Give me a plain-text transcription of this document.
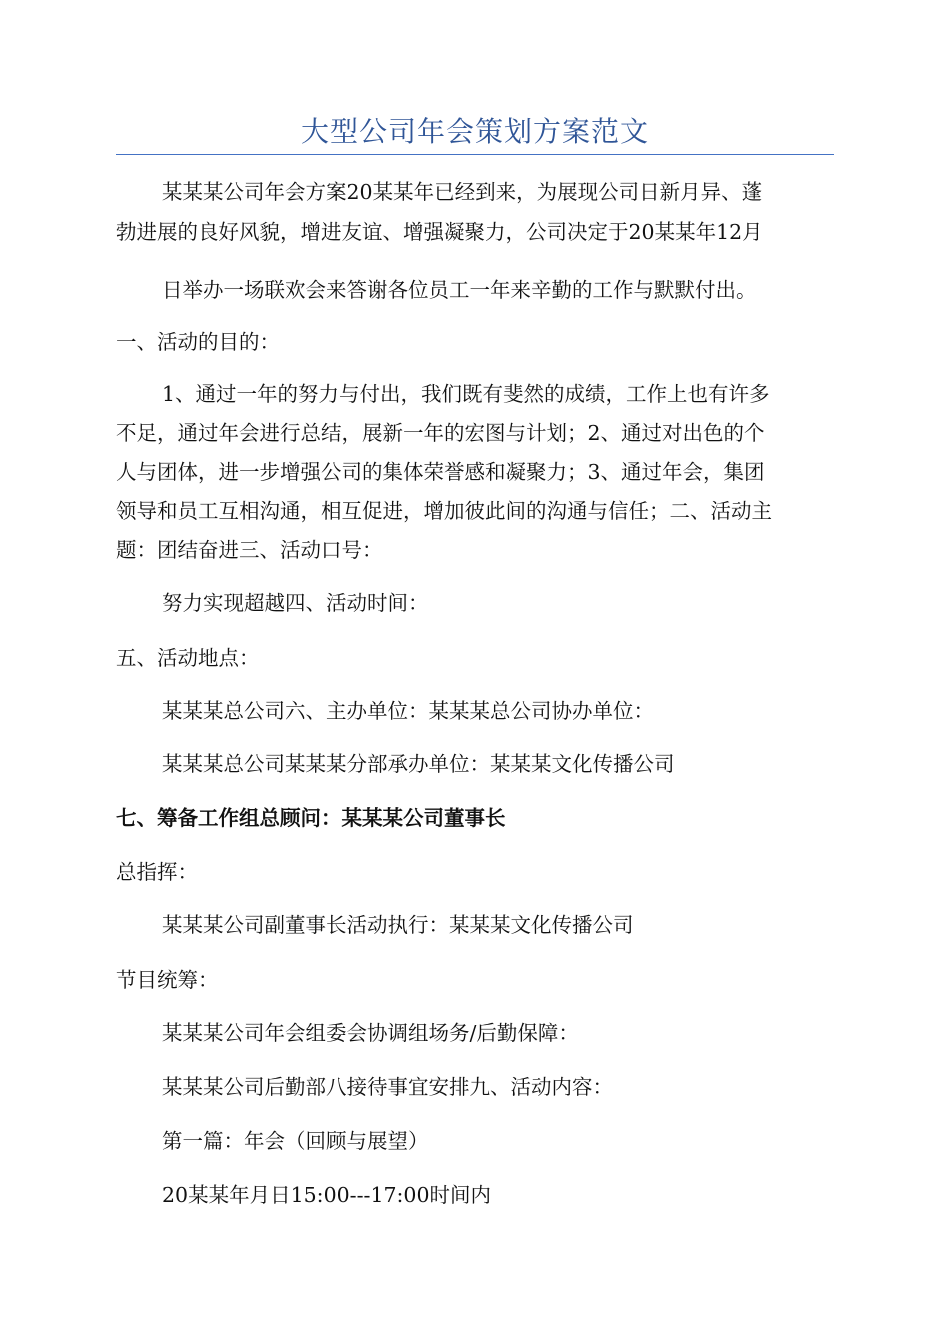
大型公司年会策划方案范文
某某某公司年会方案20某某年已经到来，为展现公司日新月异、蓬
勃进展的良好风貌，增进友谊、增强凝聚力，公司决定于20某某年12月
日举办一场联欢会来答谢各位员工一年来辛勤的工作与默默付出。
一、活动的目的：
1、通过一年的努力与付出，我们既有斐然的成绩，工作上也有许多
不足，通过年会进行总结，展新一年的宏图与计划；2、通过对出色的个
人与团体，进一步增强公司的集体荣誉感和凝聚力；3、通过年会，集团
领导和员工互相沟通，相互促进，增加彼此间的沟通与信任；二、活动主
题：团结奋进三、活动口号：
努力实现超越四、活动时间：
五、活动地点：
某某某总公司六、主办单位：某某某总公司协办单位：
某某某总公司某某某分部承办单位：某某某文化传播公司
七、筹备工作组总顾问：某某某公司董事长
总指挥：
某某某公司副董事长活动执行：某某某文化传播公司
节目统筹：
某某某公司年会组委会协调组场务/后勤保障：
某某某公司后勤部八接待事宜安排九、活动内容：
第一篇：年会（回顾与展望）
20某某年月日15:00---17:00时间内
